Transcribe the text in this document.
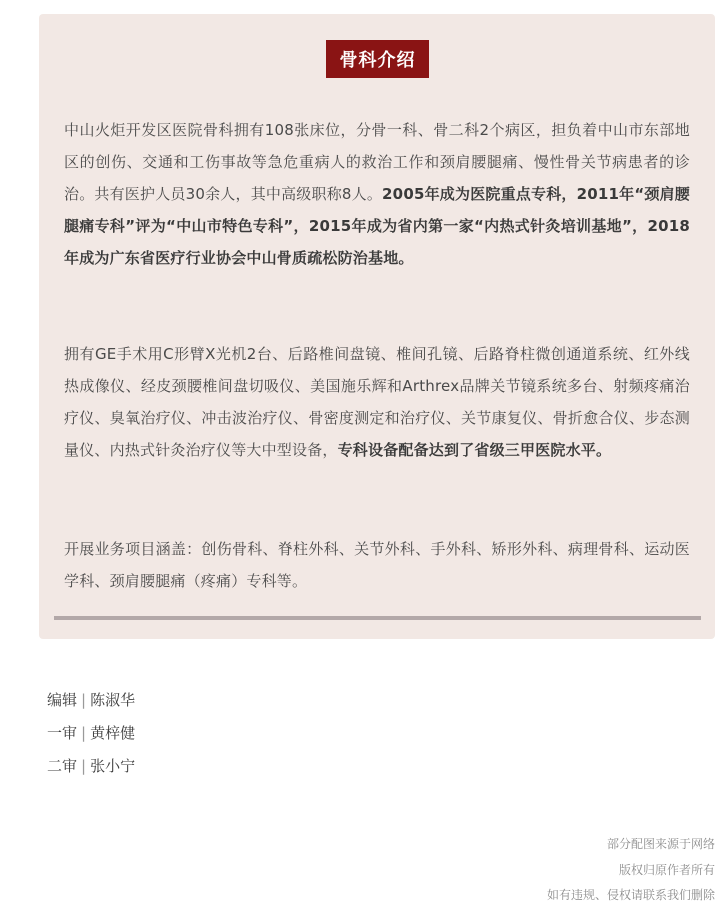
骨科介绍

中山火炬开发区医院骨科拥有108张床位，分骨一科、骨二科2个病区，担负着中山市东部地区的创伤、交通和工伤事故等急危重病人的救治工作和颈肩腰腿痛、慢性骨关节病患者的诊治。共有医护人员30余人，其中高级职称8人。2005年成为医院重点专科，2011年“颈肩腰腿痛专科”评为“中山市特色专科”，2015年成为省内第一家“内热式针灸培训基地”，2018年成为广东省医疗行业协会中山骨质疏松防治基地。

拥有GE手术用C形臂X光机2台、后路椎间盘镜、椎间孔镜、后路脊柱微创通道系统、红外线热成像仪、经皮颈腰椎间盘切吸仪、美国施乐辉和Arthrex品牌关节镜系统多台、射频疼痛治疗仪、臭氧治疗仪、冲击波治疗仪、骨密度测定和治疗仪、关节康复仪、骨折愈合仪、步态测量仪、内热式针灸治疗仪等大中型设备，专科设备配备达到了省级三甲医院水平。

开展业务项目涵盖：创伤骨科、脊柱外科、关节外科、手外科、矫形外科、病理骨科、运动医学科、颈肩腰腿痛（疼痛）专科等。

编辑 | 陈淑华
一审 | 黄梓健
二审 | 张小宁
部分配图来源于网络
版权归原作者所有
如有违规、侵权请联系我们删除
